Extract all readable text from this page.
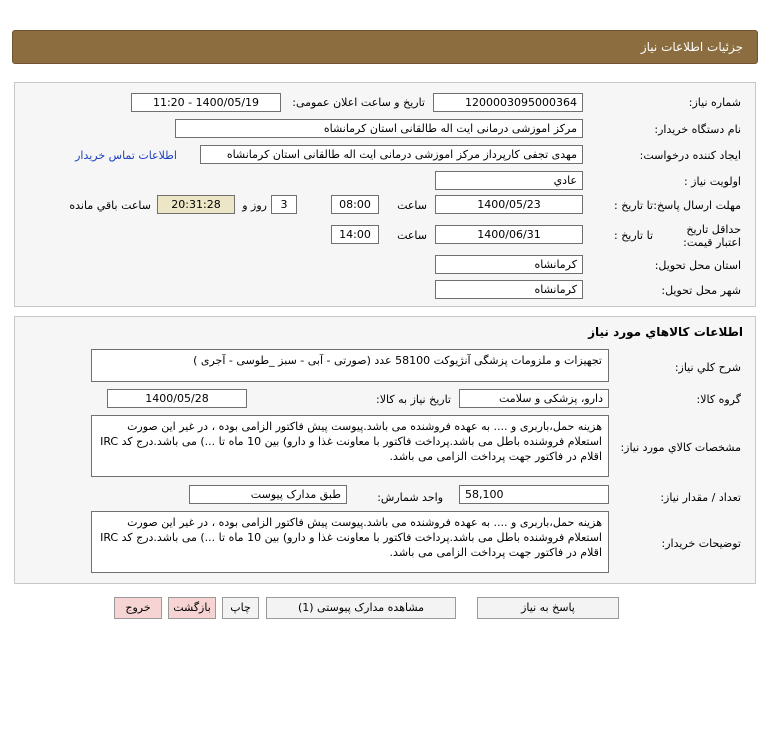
جزئیات اطلاعات نیاز
شماره نیاز:
1200003095000364
تاریخ و ساعت اعلان عمومی:
1400/05/19 - 11:20
نام دستگاه خریدار:
مرکز اموزشی درمانی ایت اله طالقانی استان کرمانشاه
ایجاد کننده درخواست:
مهدی تجفی کارپرداز مرکز اموزشی درمانی ایت اله طالقانی استان کرمانشاه
اطلاعات تماس خریدار
اولویت نیاز :
عادي
مهلت ارسال پاسخ:
تا تاریخ :
1400/05/23
ساعت
08:00
3
روز و
20:31:28
ساعت باقي مانده
حداقل تاریخ اعتبار قیمت:
تا تاریخ :
1400/06/31
ساعت
14:00
استان محل تحویل:
کرمانشاه
شهر محل تحویل:
کرمانشاه
اطلاعات کالاهاي مورد نياز
شرح کلي نياز:
تجهیزات و ملزومات پزشگی آنژیوکت 58100 عدد (صورتی - آبی - سبز _طوسی - آجری )
گروه کالا:
دارو، پزشکی و سلامت
تاریخ نیاز به کالا:
1400/05/28
مشخصات کالاي مورد نياز:
هزینه حمل،باربری و .... به عهده فروشنده می باشد.پیوست پیش فاکتور الزامی بوده ، در غیر این صورت استعلام فروشنده باطل می باشد.پرداخت فاکتور با معاونت غذا و دارو) بین 10 ماه تا ...) می باشد.درج کد IRC اقلام در فاکتور جهت پرداخت الزامی می باشد.
تعداد / مقدار نیاز:
58,100
واحد شمارش:
طبق مدارک پیوست
توضیحات خریدار:
هزینه حمل،باربری و .... به عهده فروشنده می باشد.پیوست پیش فاکتور الزامی بوده ، در غیر این صورت استعلام فروشنده باطل می باشد.پرداخت فاکتور با معاونت غذا و دارو) بین 10 ماه تا ...) می باشد.درج کد IRC اقلام در فاکتور جهت پرداخت الزامی می باشد.
پاسخ به نیاز
مشاهده مدارک پیوستی (1)
چاپ
بازگشت
خروج
